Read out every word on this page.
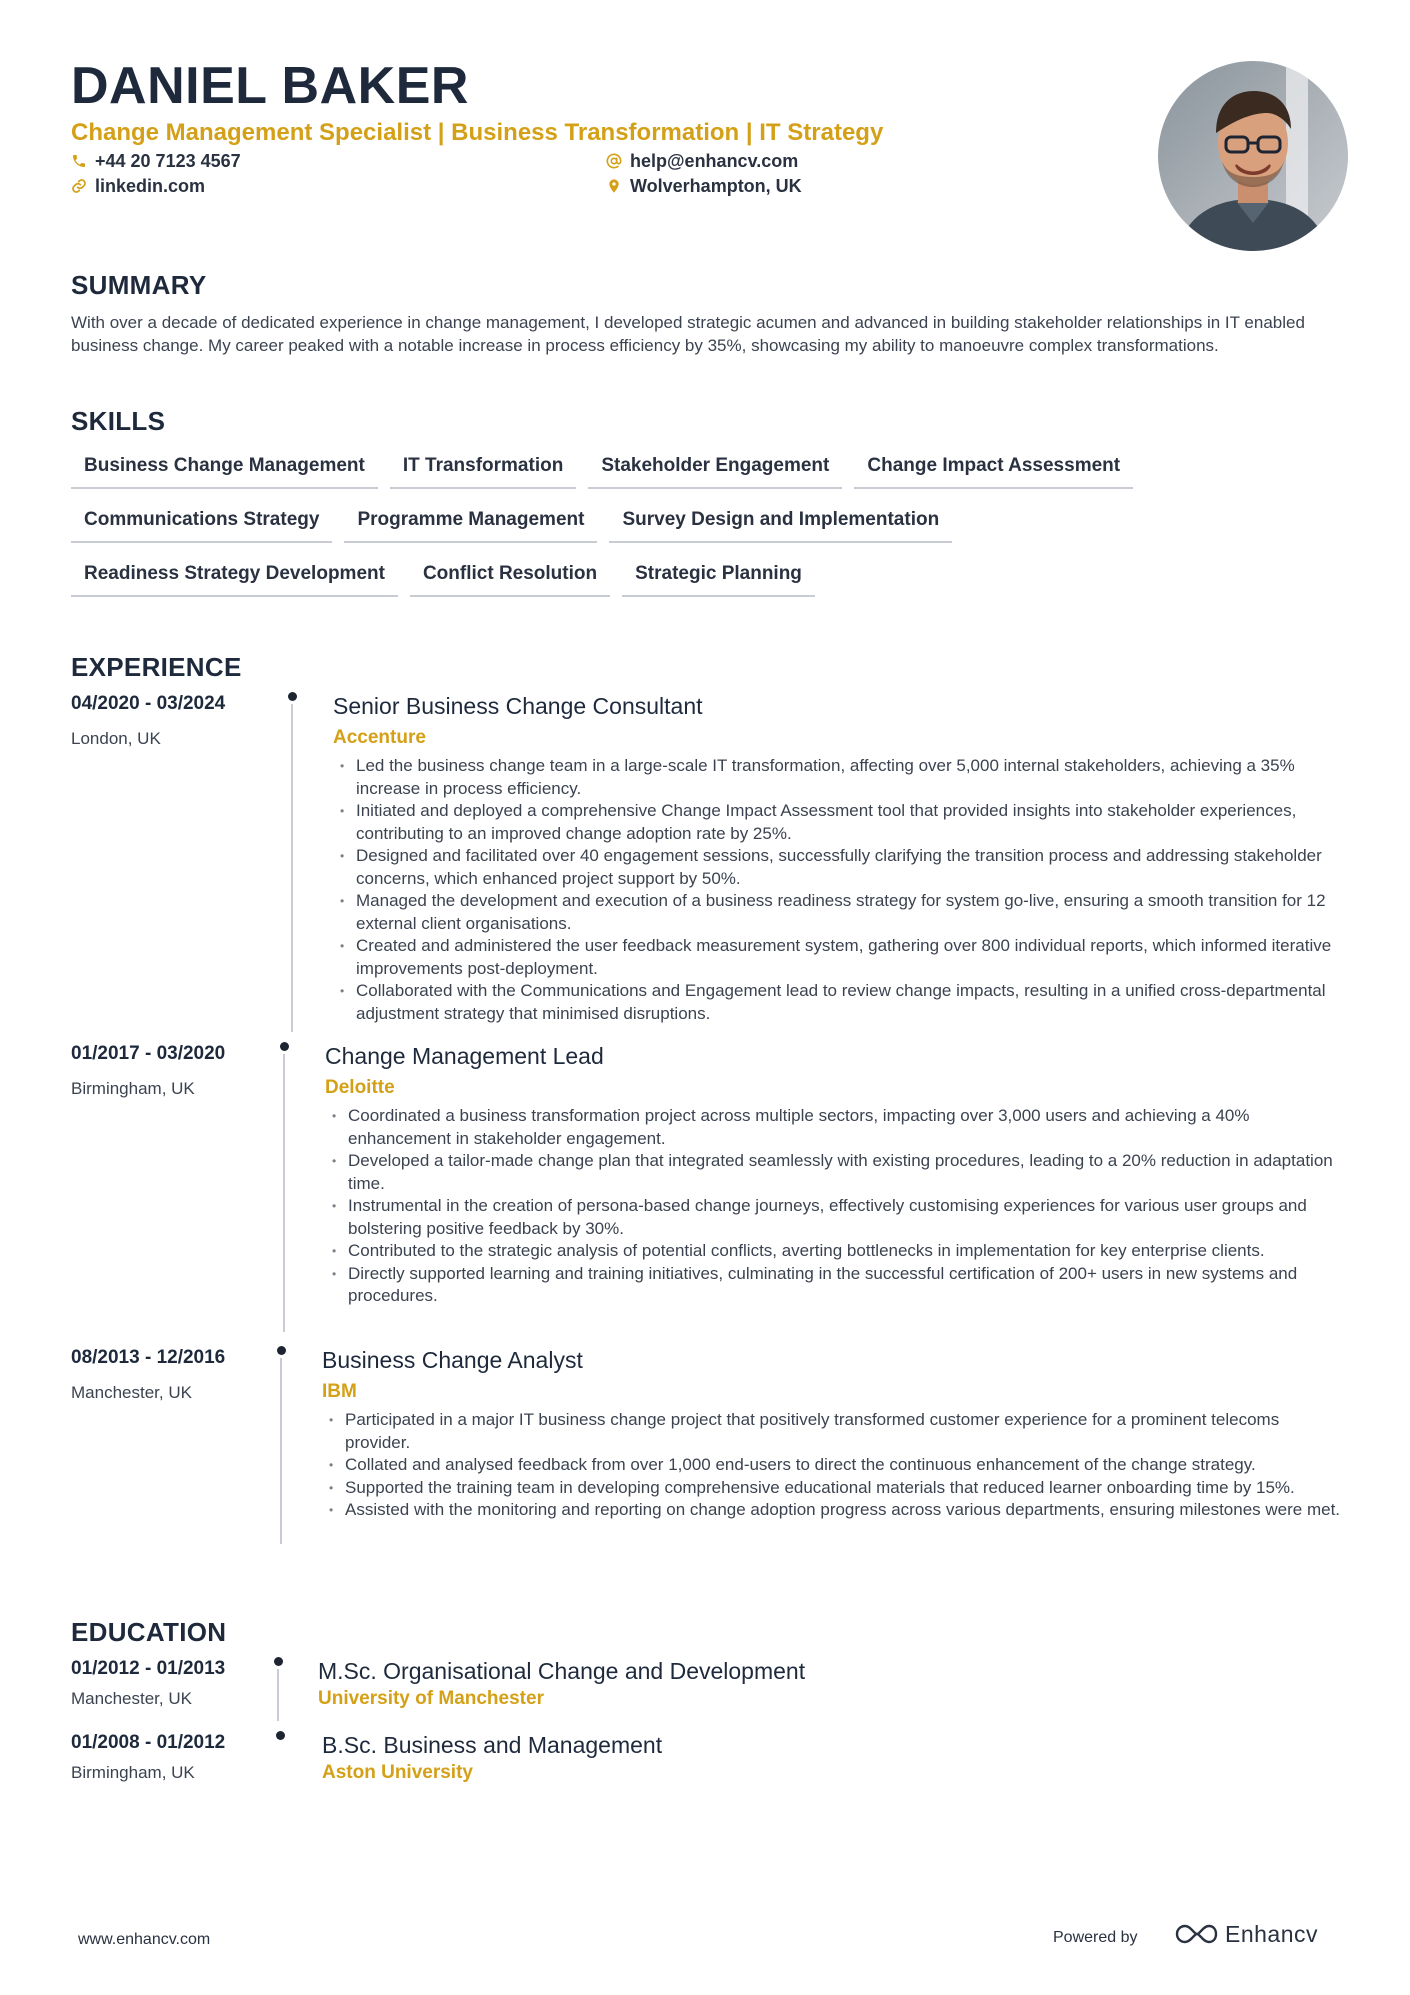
DANIEL BAKER
Change Management Specialist | Business Transformation | IT Strategy
+44 20 7123 4567
linkedin.com
help@enhancv.com
Wolverhampton, UK
SUMMARY
With over a decade of dedicated experience in change management, I developed strategic acumen and advanced in building stakeholder relationships in IT enabled business change. My career peaked with a notable increase in process efficiency by 35%, showcasing my ability to manoeuvre complex transformations.
SKILLS
Business Change Management	IT Transformation	Stakeholder Engagement	Change Impact Assessment
Communications Strategy	Programme Management	Survey Design and Implementation
Readiness Strategy Development	Conflict Resolution	Strategic Planning
EXPERIENCE
04/2020 - 03/2024
London, UK
Senior Business Change Consultant
Accenture
• Led the business change team in a large-scale IT transformation, affecting over 5,000 internal stakeholders, achieving a 35% increase in process efficiency.
• Initiated and deployed a comprehensive Change Impact Assessment tool that provided insights into stakeholder experiences, contributing to an improved change adoption rate by 25%.
• Designed and facilitated over 40 engagement sessions, successfully clarifying the transition process and addressing stakeholder concerns, which enhanced project support by 50%.
• Managed the development and execution of a business readiness strategy for system go-live, ensuring a smooth transition for 12 external client organisations.
• Created and administered the user feedback measurement system, gathering over 800 individual reports, which informed iterative improvements post-deployment.
• Collaborated with the Communications and Engagement lead to review change impacts, resulting in a unified cross-departmental adjustment strategy that minimised disruptions.
01/2017 - 03/2020
Birmingham, UK
Change Management Lead
Deloitte
• Coordinated a business transformation project across multiple sectors, impacting over 3,000 users and achieving a 40% enhancement in stakeholder engagement.
• Developed a tailor-made change plan that integrated seamlessly with existing procedures, leading to a 20% reduction in adaptation time.
• Instrumental in the creation of persona-based change journeys, effectively customising experiences for various user groups and bolstering positive feedback by 30%.
• Contributed to the strategic analysis of potential conflicts, averting bottlenecks in implementation for key enterprise clients.
• Directly supported learning and training initiatives, culminating in the successful certification of 200+ users in new systems and procedures.
08/2013 - 12/2016
Manchester, UK
Business Change Analyst
IBM
• Participated in a major IT business change project that positively transformed customer experience for a prominent telecoms provider.
• Collated and analysed feedback from over 1,000 end-users to direct the continuous enhancement of the change strategy.
• Supported the training team in developing comprehensive educational materials that reduced learner onboarding time by 15%.
• Assisted with the monitoring and reporting on change adoption progress across various departments, ensuring milestones were met.
EDUCATION
01/2012 - 01/2013
Manchester, UK
M.Sc. Organisational Change and Development
University of Manchester
01/2008 - 01/2012
Birmingham, UK
B.Sc. Business and Management
Aston University
www.enhancv.com	Powered by	Enhancv
